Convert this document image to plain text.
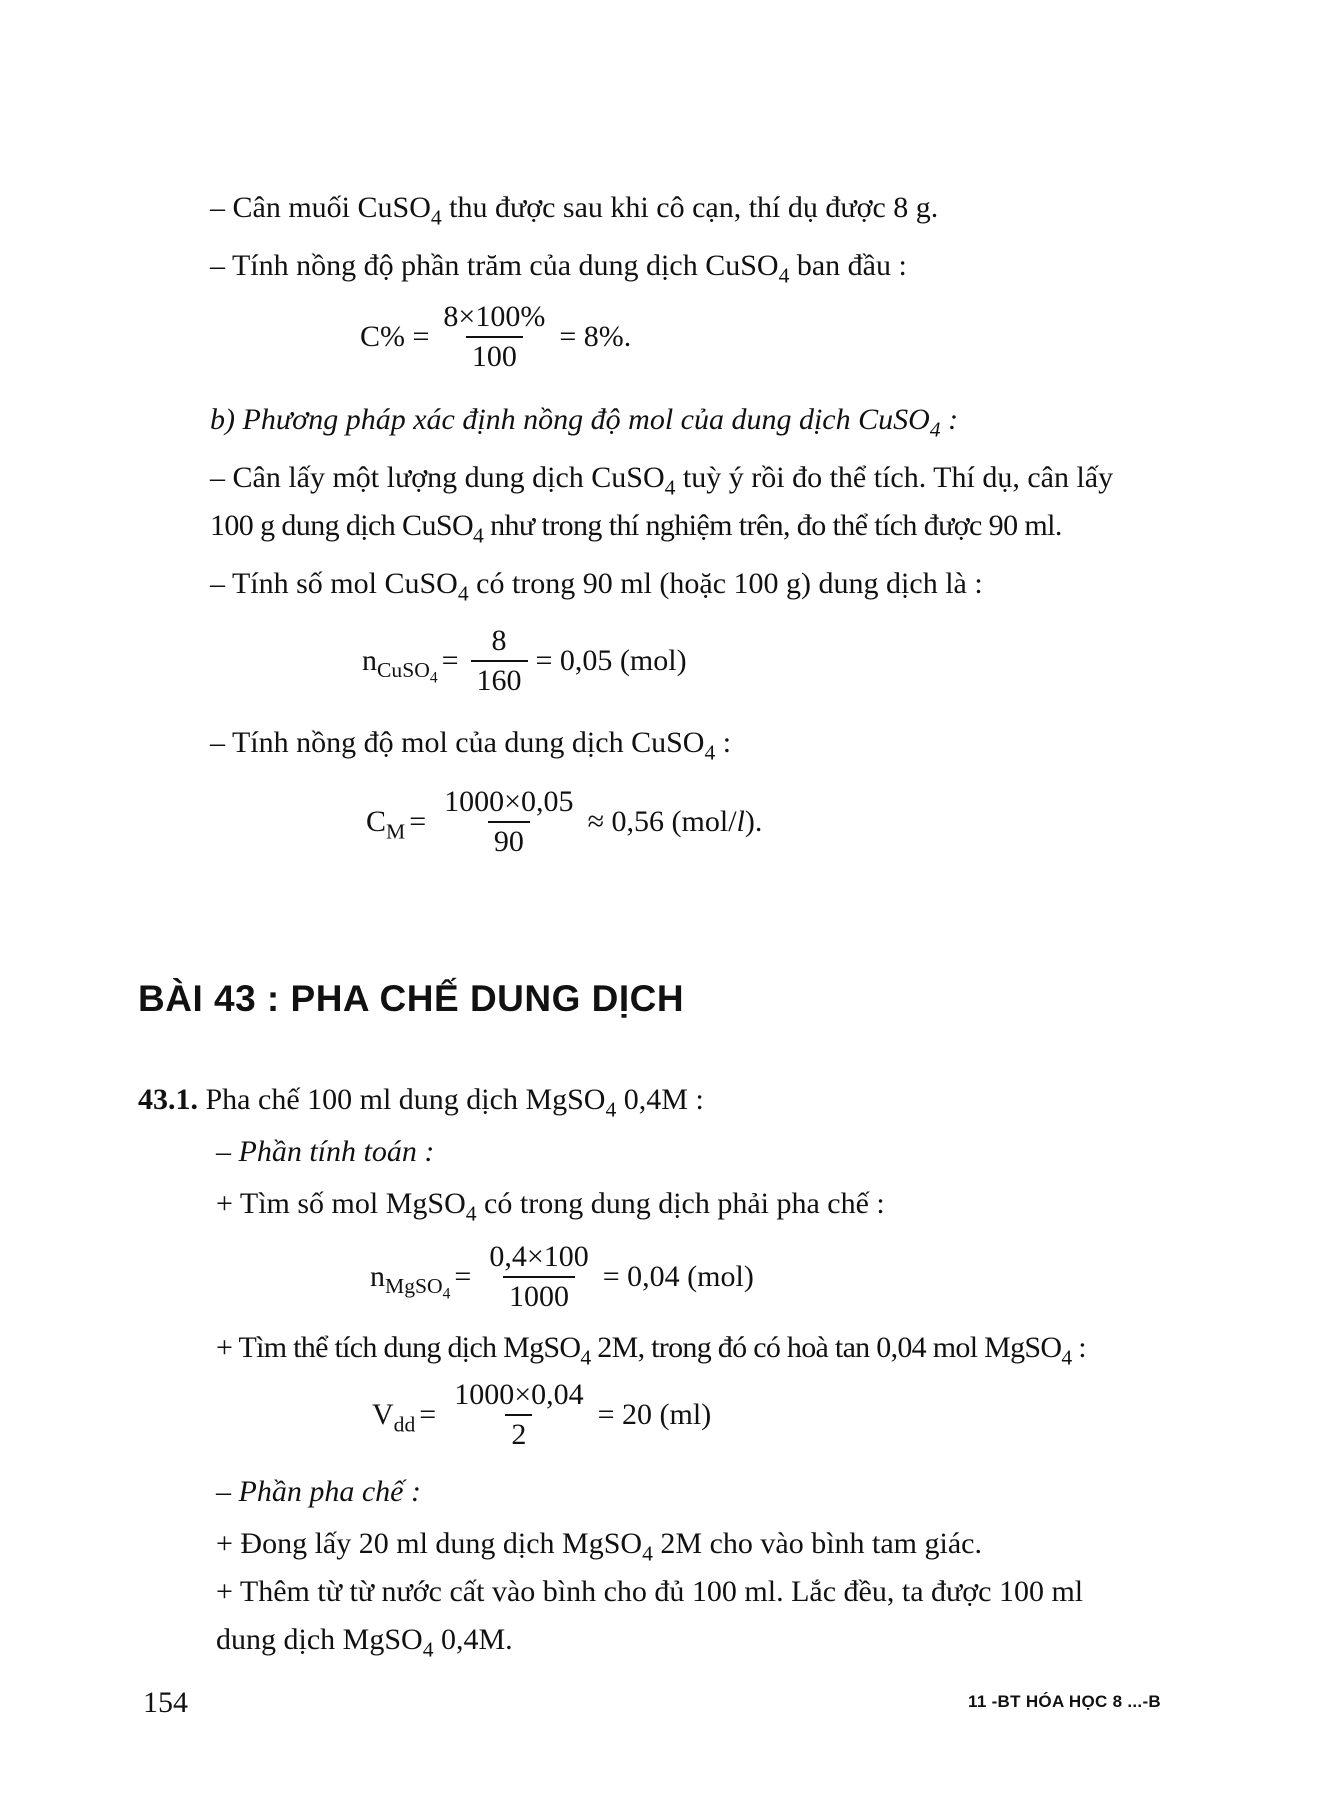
– Cân muối CuSO$_4$ thu được sau khi cô cạn, thí dụ được 8 g.
– Tính nồng độ phần trăm của dung dịch CuSO$_4$ ban đầu :
$C\% = \frac{8\times 100\%}{100} = 8\%$.
b) Phương pháp xác định nồng độ mol của dung dịch CuSO$_4$ :
– Cân lấy một lượng dung dịch CuSO$_4$ tuỳ ý rồi đo thể tích. Thí dụ, cân lấy
100 g dung dịch CuSO$_4$ như trong thí nghiệm trên, đo thể tích được 90 ml.
– Tính số mol CuSO$_4$ có trong 90 ml (hoặc 100 g) dung dịch là :
$n_{CuSO_4}$
= $\frac{8}{160} = 0,05$ (mol)
– Tính nồng độ mol của dung dịch CuSO$_4$ :
$C_M = \frac{1000\times 0,05}{90} \approx 0,56$ (mol/l).
BÀI 43 : PHA CHẾ DUNG DỊCH
43.1. Pha chế 100 ml dung dịch MgSO$_4$ 0,4M :
– Phần tính toán :
+ Tìm số mol MgSO$_4$ có trong dung dịch phải pha chế :
$n_{MgSO_4}$
= $\frac{0,4\times 100}{1000} = 0,04$ (mol)
+ Tìm thể tích dung dịch MgSO$_4$ 2M, trong đó có hoà tan 0,04 mol MgSO$_4$ :
$V_{dd} = \frac{1000\times 0,04}{2} = 20$ (ml)
– Phần pha chế :
+ Đong lấy 20 ml dung dịch MgSO$_4$ 2M cho vào bình tam giác.
+ Thêm từ từ nước cất vào bình cho đủ 100 ml. Lắc đều, ta được 100 ml
dung dịch MgSO$_4$ 0,4M.
154	11 -BT HÓA HỌC 8 ...-B
